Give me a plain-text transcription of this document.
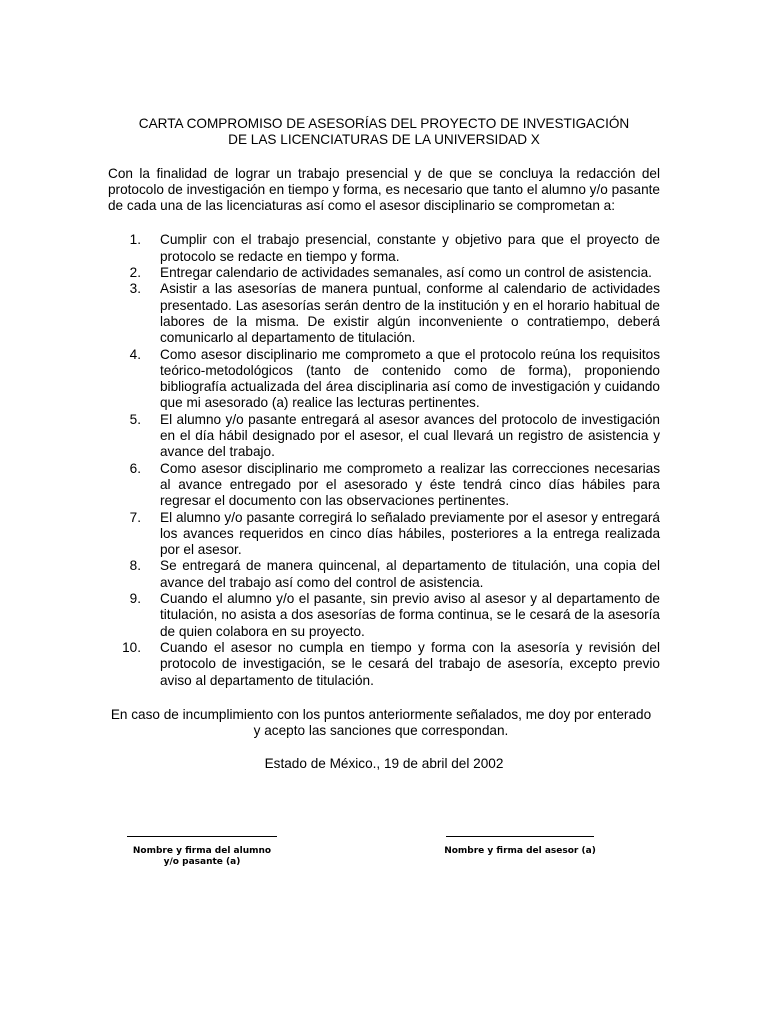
CARTA COMPROMISO DE ASESORÍAS DEL PROYECTO DE INVESTIGACIÓN
DE LAS LICENCIATURAS DE LA UNIVERSIDAD X

Con la finalidad de lograr un trabajo presencial y de que se concluya la redacción del protocolo de investigación en tiempo y forma, es necesario que tanto el alumno y/o pasante de cada una de las licenciaturas así como el asesor disciplinario se comprometan a:

1. Cumplir con el trabajo presencial, constante y objetivo para que el proyecto de protocolo se redacte en tiempo y forma.
2. Entregar calendario de actividades semanales, así como un control de asistencia.
3. Asistir a las asesorías de manera puntual, conforme al calendario de actividades presentado. Las asesorías serán dentro de la institución y en el horario habitual de labores de la misma. De existir algún inconveniente o contratiempo, deberá comunicarlo al departamento de titulación.
4. Como asesor disciplinario me comprometo a que el protocolo reúna los requisitos teórico-metodológicos (tanto de contenido como de forma), proponiendo bibliografía actualizada del área disciplinaria así como de investigación y cuidando que mi asesorado (a) realice las lecturas pertinentes.
5. El alumno y/o pasante entregará al asesor avances del protocolo de investigación en el día hábil designado por el asesor, el cual llevará un registro de asistencia y avance del trabajo.
6. Como asesor disciplinario me comprometo a realizar las correcciones necesarias al avance entregado por el asesorado y éste tendrá cinco días hábiles para regresar el documento con las observaciones pertinentes.
7. El alumno y/o pasante corregirá lo señalado previamente por el asesor y entregará los avances requeridos en cinco días hábiles, posteriores a la entrega realizada por el asesor.
8. Se entregará de manera quincenal, al departamento de titulación, una copia del avance del trabajo así como del control de asistencia.
9. Cuando el alumno y/o el pasante, sin previo aviso al asesor y al departamento de titulación, no asista a dos asesorías de forma continua, se le cesará de la asesoría de quien colabora en su proyecto.
10. Cuando el asesor no cumpla en tiempo y forma con la asesoría y revisión del protocolo de investigación, se le cesará del trabajo de asesoría, excepto previo aviso al departamento de titulación.

En caso de incumplimiento con los puntos anteriormente señalados, me doy por enterado
y acepto las sanciones que correspondan.

Estado de México., 19 de abril del 2002

Nombre y firma del alumno
y/o pasante (a)
Nombre y firma del asesor (a)
